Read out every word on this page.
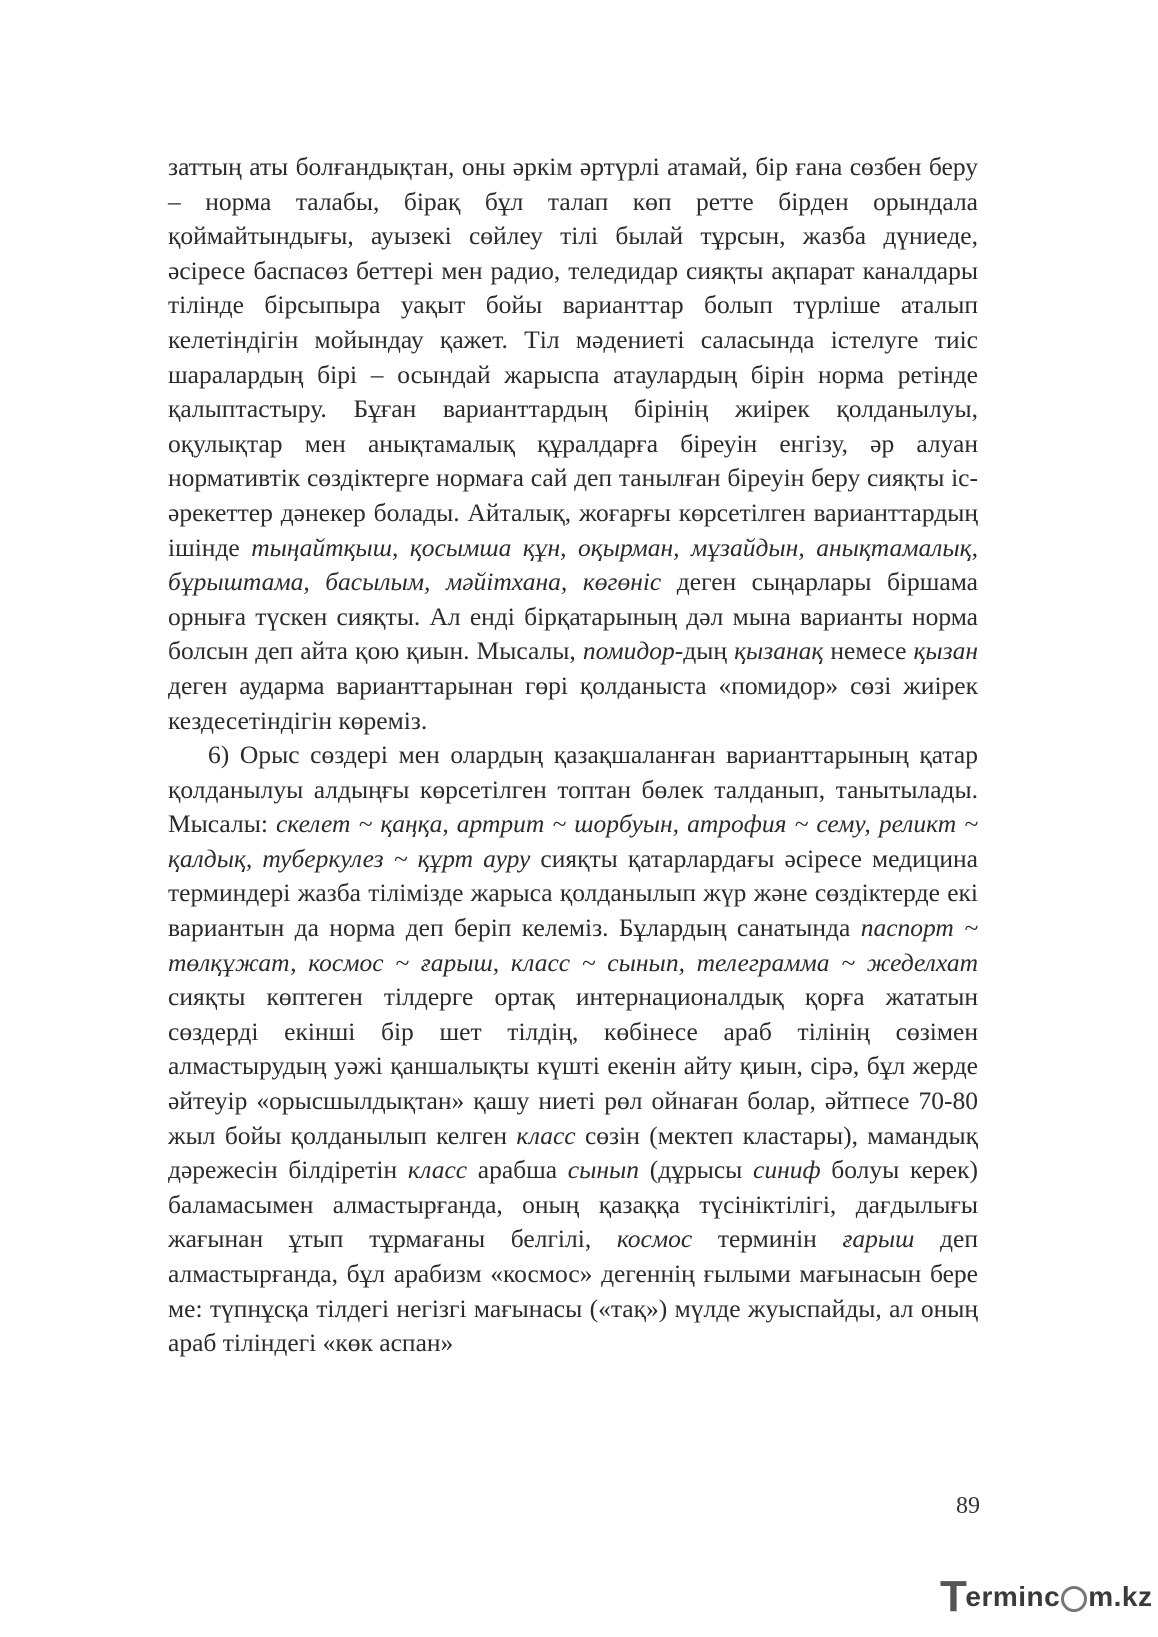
заттың аты болғандықтан, оны әркім әртүрлі атамай, бір ғана сөзбен беру – норма талабы, бірақ бұл талап көп ретте бірден орындала қоймайтындығы, ауызекі сөйлеу тілі былай тұрсын, жазба дүниеде, әсіресе баспасөз беттері мен радио, теледидар сияқты ақпарат каналдары тілінде бірсыпыра уақыт бойы варианттар болып түрліше аталып келетіндігін мойындау қажет. Тіл мәдениеті саласында істелуге тиіс шаралардың бірі – осындай жарыспа атаулардың бірін норма ретінде қалыптастыру. Бұған варианттардың бірінің жиірек қолданылуы, оқулықтар мен анықтамалық құралдарға біреуін енгізу, әр алуан нормативтік сөздіктерге нормаға сай деп танылған біреуін беру сияқты іс-әрекеттер дәнекер болады. Айталық, жоғарғы көрсетілген варианттардың ішінде тыңайтқыш, қосымша құн, оқырман, мұзайдын, анықтамалық, бұрыштама, басылым, мәйітхана, көгөніс деген сыңарлары біршама орныға түскен сияқты. Ал енді бірқатарының дәл мына варианты норма болсын деп айта қою қиын. Мысалы, помидор-дың қызанақ немесе қызан деген аударма варианттарынан гөрі қолданыста «помидор» сөзі жиірек кездесетіндігін көреміз.

6) Орыс сөздері мен олардың қазақшаланған варианттарының қатар қолданылуы алдыңғы көрсетілген топтан бөлек талданып, танытылады. Мысалы: скелет ~ қаңқа, артрит ~ шорбуын, атрофия ~ сему, реликт ~ қалдық, туберкулез ~ құрт ауру сияқты қатарлардағы әсіресе медицина терминдері жазба тілімізде жарыса қолданылып жүр және сөздіктерде екі вариантын да норма деп беріп келеміз. Бұлардың санатында паспорт ~ төлқұжат, космос ~ ғарыш, класс ~ сынып, телеграмма ~ жеделхат сияқты көптеген тілдерге ортақ интернационалдық қорға жататын сөздерді екінші бір шет тілдің, көбінесе араб тілінің сөзімен алмастырудың уәжі қаншалықты күшті екенін айту қиын, сірә, бұл жерде әйтеуір «орысшылдықтан» қашу ниеті рөл ойнаған болар, әйтпесе 70-80 жыл бойы қолданылып келген класс сөзін (мектеп кластары), мамандық дәрежесін білдіретін класс арабша сынып (дұрысы синиф болуы керек) баламасымен алмастырғанда, оның қазаққа түсініктілігі, дағдылығы жағынан ұтып тұрмағаны белгілі, космос терминін ғарыш деп алмастырғанда, бұл арабизм «космос» дегеннің ғылыми мағынасын бере ме: түпнұсқа тілдегі негізгі мағынасы («тақ») мүлде жуыспайды, ал оның араб тіліндегі «көк аспан»

89
T
erminc m.kz
